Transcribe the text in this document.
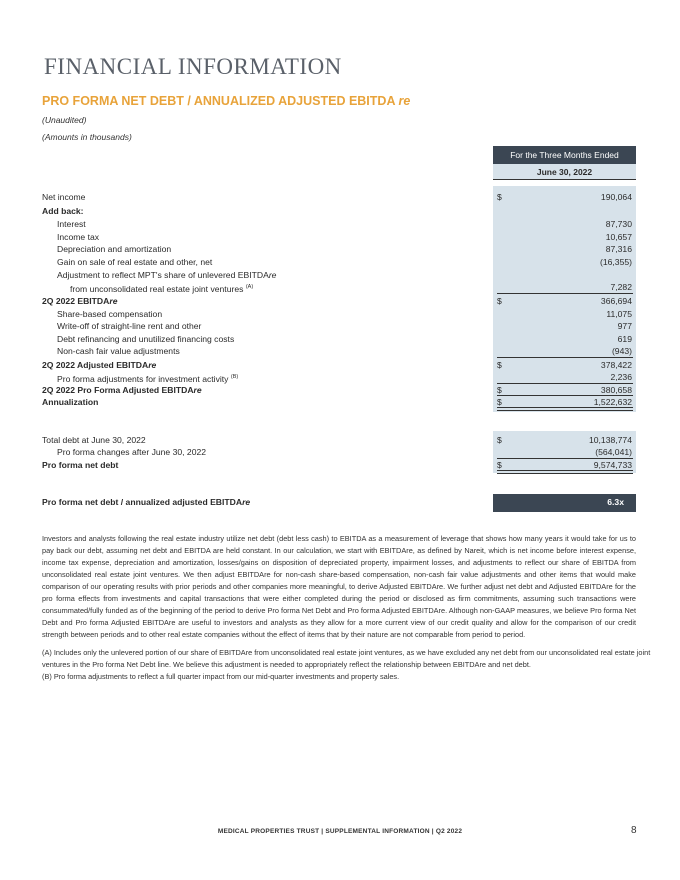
FINANCIAL INFORMATION
PRO FORMA NET DEBT / ANNUALIZED ADJUSTED EBITDA re
(Unaudited)
(Amounts in thousands)
For the Three Months Ended
June 30, 2022
Net income	$	190,064
Add back:
Interest	87,730
Income tax	10,657
Depreciation and amortization	87,316
Gain on sale of real estate and other, net	(16,355)
Adjustment to reflect MPT's share of unlevered EBITDAre
from unconsolidated real estate joint ventures $^{(A)}$	7,282
2Q 2022 EBITDAre	$	366,694
Share-based compensation	11,075
Write-off of straight-line rent and other	977
Debt refinancing and unutilized financing costs	619
Non-cash fair value adjustments	(943)
2Q 2022 Adjusted EBITDAre	$	378,422
Pro forma adjustments for investment activity $^{(B)}$	2,236
2Q 2022 Pro Forma Adjusted EBITDAre	$	380,658
Annualization	$	1,522,632
Total debt at June 30, 2022	$	10,138,774
Pro forma changes after June 30, 2022	(564,041)
Pro forma net debt	$	9,574,733
Pro forma net debt / annualized adjusted EBITDAre	6.3x
Investors and analysts following the real estate industry utilize net debt (debt less cash) to EBITDA as a measurement of leverage that shows how many years it would take for us to pay back our debt, assuming net debt and EBITDA are held constant. In our calculation, we start with EBITDAre, as defined by Nareit, which is net income before interest expense, income tax expense, depreciation and amortization, losses/gains on disposition of depreciated property, impairment losses, and adjustments to reflect our share of EBITDA from unconsolidated real estate joint ventures. We then adjust EBITDAre for non-cash share-based compensation, non-cash fair value adjustments and other items that would make comparison of our operating results with prior periods and other companies more meaningful, to derive Adjusted EBITDAre. We further adjust net debt and Adjusted EBITDAre for the pro forma effects from investments and capital transactions that were either completed during the period or disclosed as firm commitments, assuming such transactions were consummated/fully funded as of the beginning of the period to derive Pro forma Net Debt and Pro forma Adjusted EBITDAre. Although non-GAAP measures, we believe Pro forma Net Debt and Pro forma Adjusted EBITDAre are useful to investors and analysts as they allow for a more current view of our credit quality and allow for the comparison of our credit strength between periods and to other real estate companies without the effect of items that by their nature are not comparable from period to period.
(A) Includes only the unlevered portion of our share of EBITDAre from unconsolidated real estate joint ventures, as we have excluded any net debt from our unconsolidated real estate joint ventures in the Pro forma Net Debt line. We believe this adjustment is needed to appropriately reflect the relationship between EBITDAre and net debt.
(B) Pro forma adjustments to reflect a full quarter impact from our mid-quarter investments and property sales.
MEDICAL PROPERTIES TRUST | SUPPLEMENTAL INFORMATION | Q2 2022	8
